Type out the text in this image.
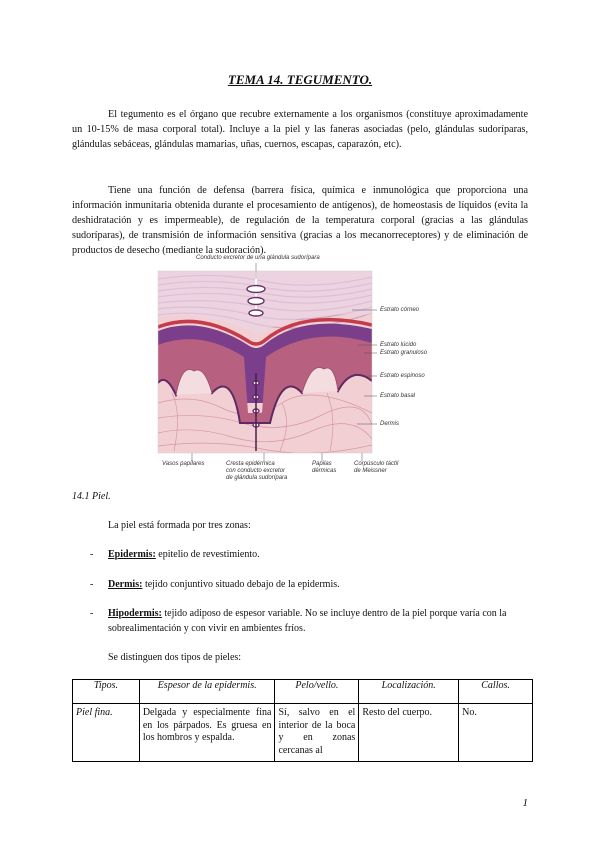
TEMA 14. TEGUMENTO.

El tegumento es el órgano que recubre externamente a los organismos (constituye aproximadamente un 10-15% de masa corporal total). Incluye a la piel y las faneras asociadas (pelo, glándulas sudoríparas, glándulas sebáceas, glándulas mamarias, uñas, cuernos, escapas, caparazón, etc).

Tiene una función de defensa (barrera física, química e inmunológica que proporciona una información inmunitaria obtenida durante el procesamiento de antígenos), de homeostasis de líquidos (evita la deshidratación y es impermeable), de regulación de la temperatura corporal (gracias a las glándulas sudoríparas), de transmisión de información sensitiva (gracias a los mecanorreceptores) y de eliminación de productos de desecho (mediante la sudoración).

Conducto excretor de una glándula sudorípara
Estrato córneo
Estrato lúcido
Estrato granuloso
Estrato espinoso
Estrato basal
Dermis
Vasos papilares	Cresta epidérmica
con conducto excretor
de glándula sudorípara
Papilas
dérmicas
Corpúsculo táctil
de Meissner
14.1 Piel.
La piel está formada por tres zonas:
- Epidermis: epitelio de revestimiento.
- Dermis: tejido conjuntivo situado debajo de la epidermis.
- Hipodermis: tejido adiposo de espesor variable. No se incluye dentro de la piel porque varía con la sobrealimentación y con vivir en ambientes fríos.
Se distinguen dos tipos de pieles:
Tipos.	Espesor de la epidermis.	Pelo/vello.	Localización.	Callos.
Piel fina.	Delgada y especialmente fina en los párpados. Es gruesa en los hombros y espalda.	Sí, salvo en el interior de la boca y en zonas cercanas al	Resto del cuerpo.	No.
1
